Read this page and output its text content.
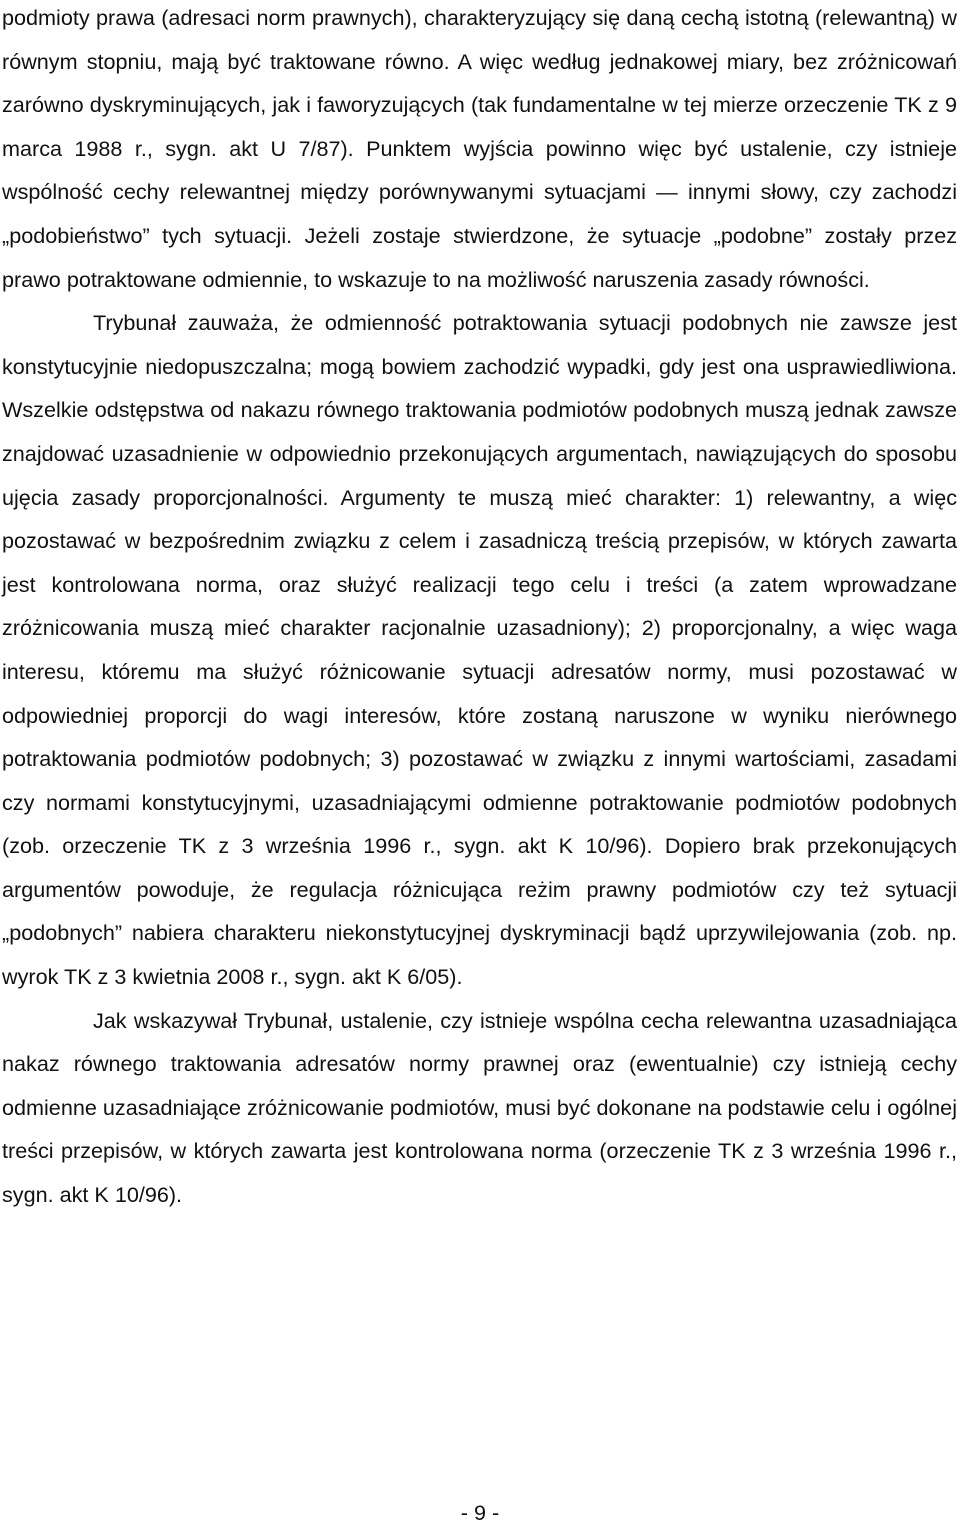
podmioty prawa (adresaci norm prawnych), charakteryzujący się daną cechą istotną (relewantną) w równym stopniu, mają być traktowane równo. A więc według jednakowej miary, bez zróżnicowań zarówno dyskryminujących, jak i faworyzujących (tak fundamentalne w tej mierze orzeczenie TK z 9 marca 1988 r., sygn. akt U 7/87). Punktem wyjścia powinno więc być ustalenie, czy istnieje wspólność cechy relewantnej między porównywanymi sytuacjami — innymi słowy, czy zachodzi „podobieństwo” tych sytuacji. Jeżeli zostaje stwierdzone, że sytuacje „podobne” zostały przez prawo potraktowane odmiennie, to wskazuje to na możliwość naruszenia zasady równości.

Trybunał zauważa, że odmienność potraktowania sytuacji podobnych nie zawsze jest konstytucyjnie niedopuszczalna; mogą bowiem zachodzić wypadki, gdy jest ona usprawiedliwiona. Wszelkie odstępstwa od nakazu równego traktowania podmiotów podobnych muszą jednak zawsze znajdować uzasadnienie w odpowiednio przekonujących argumentach, nawiązujących do sposobu ujęcia zasady proporcjonalności. Argumenty te muszą mieć charakter: 1) relewantny, a więc pozostawać w bezpośrednim związku z celem i zasadniczą treścią przepisów, w których zawarta jest kontrolowana norma, oraz służyć realizacji tego celu i treści (a zatem wprowadzane zróżnicowania muszą mieć charakter racjonalnie uzasadniony); 2) proporcjonalny, a więc waga interesu, któremu ma służyć różnicowanie sytuacji adresatów normy, musi pozostawać w odpowiedniej proporcji do wagi interesów, które zostaną naruszone w wyniku nierównego potraktowania podmiotów podobnych; 3) pozostawać w związku z innymi wartościami, zasadami czy normami konstytucyjnymi, uzasadniającymi odmienne potraktowanie podmiotów podobnych (zob. orzeczenie TK z 3 września 1996 r., sygn. akt K 10/96). Dopiero brak przekonujących argumentów powoduje, że regulacja różnicująca reżim prawny podmiotów czy też sytuacji „podobnych” nabiera charakteru niekonstytucyjnej dyskryminacji bądź uprzywilejowania (zob. np. wyrok TK z 3 kwietnia 2008 r., sygn. akt K 6/05).

Jak wskazywał Trybunał, ustalenie, czy istnieje wspólna cecha relewantna uzasadniająca nakaz równego traktowania adresatów normy prawnej oraz (ewentualnie) czy istnieją cechy odmienne uzasadniające zróżnicowanie podmiotów, musi być dokonane na podstawie celu i ogólnej treści przepisów, w których zawarta jest kontrolowana norma (orzeczenie TK z 3 września 1996 r., sygn. akt K 10/96).

- 9 -
